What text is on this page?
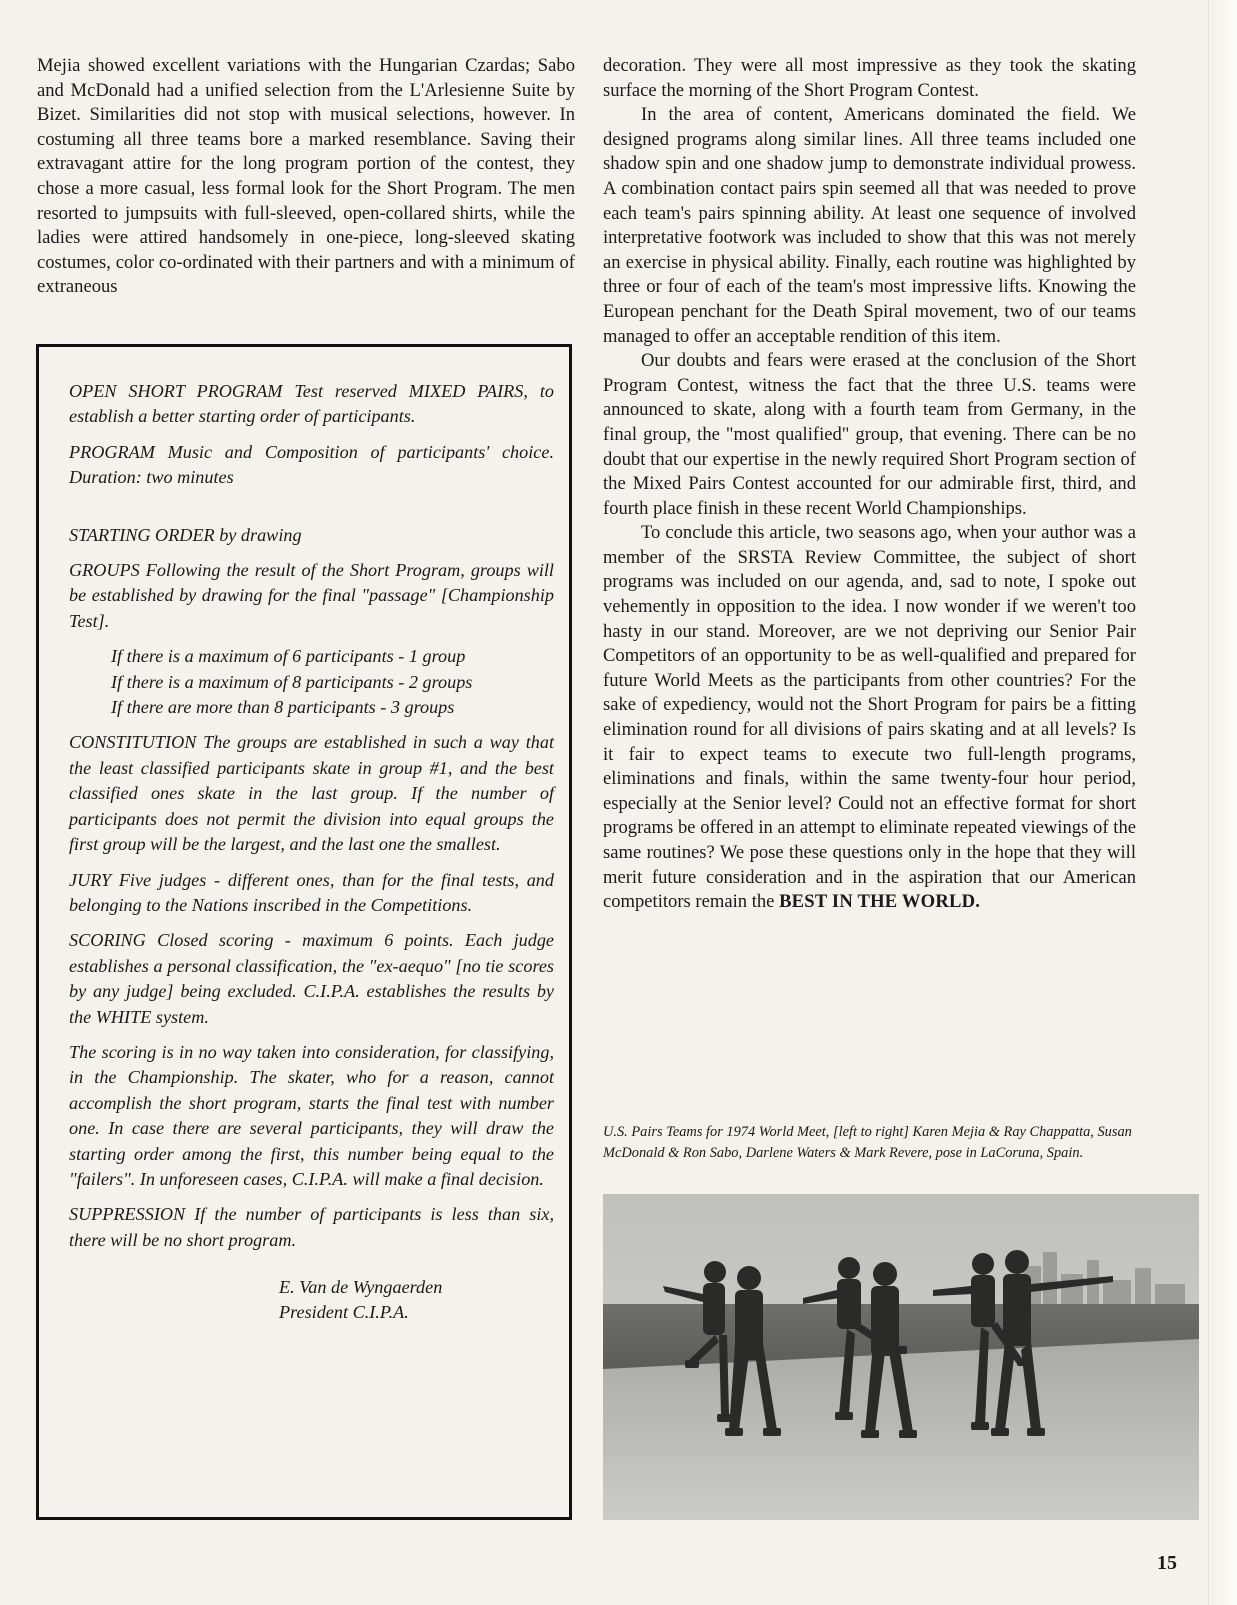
Mejia showed excellent variations with the Hungarian Czardas; Sabo and McDonald had a unified selection from the L'Arlesienne Suite by Bizet. Similarities did not stop with musical selections, however. In costuming all three teams bore a marked resemblance. Saving their extravagant attire for the long program portion of the contest, they chose a more casual, less formal look for the Short Program. The men resorted to jumpsuits with full-sleeved, open-collared shirts, while the ladies were attired handsomely in one-piece, long-sleeved skating costumes, color co-ordinated with their partners and with a minimum of extraneous

OPEN SHORT PROGRAM Test reserved MIXED PAIRS, to establish a better starting order of participants.

PROGRAM Music and Composition of participants' choice. Duration: two minutes

STARTING ORDER by drawing

GROUPS Following the result of the Short Program, groups will be established by drawing for the final "passage" [Championship Test].

If there is a maximum of 6 participants - 1 group
If there is a maximum of 8 participants - 2 groups
If there are more than 8 participants - 3 groups

CONSTITUTION The groups are established in such a way that the least classified participants skate in group #1, and the best classified ones skate in the last group. If the number of participants does not permit the division into equal groups the first group will be the largest, and the last one the smallest.

JURY Five judges - different ones, than for the final tests, and belonging to the Nations inscribed in the Competitions.

SCORING Closed scoring - maximum 6 points. Each judge establishes a personal classification, the "ex-aequo" [no tie scores by any judge] being excluded. C.I.P.A. establishes the results by the WHITE system.

The scoring is in no way taken into consideration, for classifying, in the Championship. The skater, who for a reason, cannot accomplish the short program, starts the final test with number one. In case there are several participants, they will draw the starting order among the first, this number being equal to the "failers". In unforeseen cases, C.I.P.A. will make a final decision.

SUPPRESSION If the number of participants is less than six, there will be no short program.

E. Van de Wyngaerden
President C.I.P.A.

decoration. They were all most impressive as they took the skating surface the morning of the Short Program Contest.

In the area of content, Americans dominated the field. We designed programs along similar lines. All three teams included one shadow spin and one shadow jump to demonstrate individual prowess. A combination contact pairs spin seemed all that was needed to prove each team's pairs spinning ability. At least one sequence of involved interpretative footwork was included to show that this was not merely an exercise in physical ability. Finally, each routine was highlighted by three or four of each of the team's most impressive lifts. Knowing the European penchant for the Death Spiral movement, two of our teams managed to offer an acceptable rendition of this item.

Our doubts and fears were erased at the conclusion of the Short Program Contest, witness the fact that the three U.S. teams were announced to skate, along with a fourth team from Germany, in the final group, the "most qualified" group, that evening. There can be no doubt that our expertise in the newly required Short Program section of the Mixed Pairs Contest accounted for our admirable first, third, and fourth place finish in these recent World Championships.

To conclude this article, two seasons ago, when your author was a member of the SRSTA Review Committee, the subject of short programs was included on our agenda, and, sad to note, I spoke out vehemently in opposition to the idea. I now wonder if we weren't too hasty in our stand. Moreover, are we not depriving our Senior Pair Competitors of an opportunity to be as well-qualified and prepared for future World Meets as the participants from other countries? For the sake of expediency, would not the Short Program for pairs be a fitting elimination round for all divisions of pairs skating and at all levels? Is it fair to expect teams to execute two full-length programs, eliminations and finals, within the same twenty-four hour period, especially at the Senior level? Could not an effective format for short programs be offered in an attempt to eliminate repeated viewings of the same routines? We pose these questions only in the hope that they will merit future consideration and in the aspiration that our American competitors remain the BEST IN THE WORLD.

U.S. Pairs Teams for 1974 World Meet, [left to right] Karen Mejia & Ray Chappatta, Susan McDonald & Ron Sabo, Darlene Waters & Mark Revere, pose in LaCoruna, Spain.
15
